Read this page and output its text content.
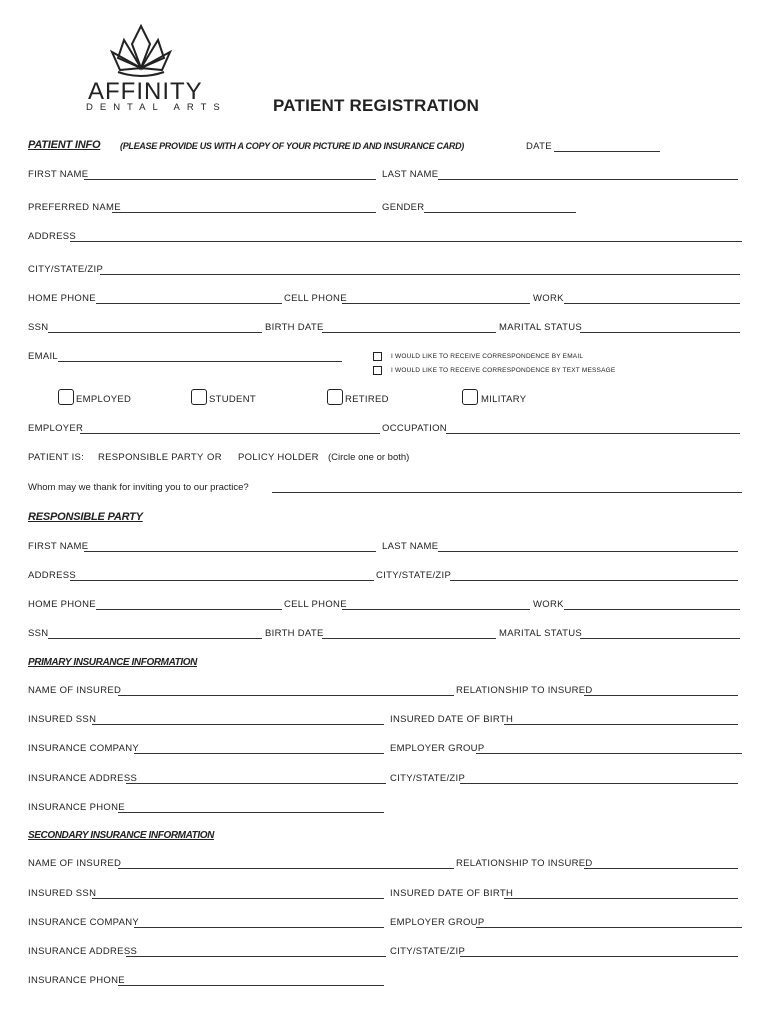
AFFINITY
DENTAL ARTS	PATIENT REGISTRATION
PATIENT INFO (PLEASE PROVIDE US WITH A COPY OF YOUR PICTURE ID AND INSURANCE CARD)	DATE
FIRST NAME	LAST NAME
PREFERRED NAME	GENDER
ADDRESS
CITY/STATE/ZIP
HOME PHONE	CELL PHONE	WORK
SSN	BIRTH DATE	MARITAL STATUS
EMAIL	I WOULD LIKE TO RECEIVE CORRESPONDENCE BY EMAIL
I WOULD LIKE TO RECEIVE CORRESPONDENCE BY TEXT MESSAGE
EMPLOYED	STUDENT	RETIRED	MILITARY
EMPLOYER	OCCUPATION
PATIENT IS: RESPONSIBLE PARTY OR POLICY HOLDER (Circle one or both)
Whom may we thank for inviting you to our practice?
RESPONSIBLE PARTY
FIRST NAME	LAST NAME
ADDRESS	CITY/STATE/ZIP
HOME PHONE	CELL PHONE	WORK
SSN	BIRTH DATE	MARITAL STATUS
PRIMARY INSURANCE INFORMATION
NAME OF INSURED	RELATIONSHIP TO INSURED
INSURED SSN	INSURED DATE OF BIRTH
INSURANCE COMPANY	EMPLOYER GROUP
INSURANCE ADDRESS	CITY/STATE/ZIP
INSURANCE PHONE
SECONDARY INSURANCE INFORMATION
NAME OF INSURED	RELATIONSHIP TO INSURED
INSURED SSN	INSURED DATE OF BIRTH
INSURANCE COMPANY	EMPLOYER GROUP
INSURANCE ADDRESS	CITY/STATE/ZIP
INSURANCE PHONE
